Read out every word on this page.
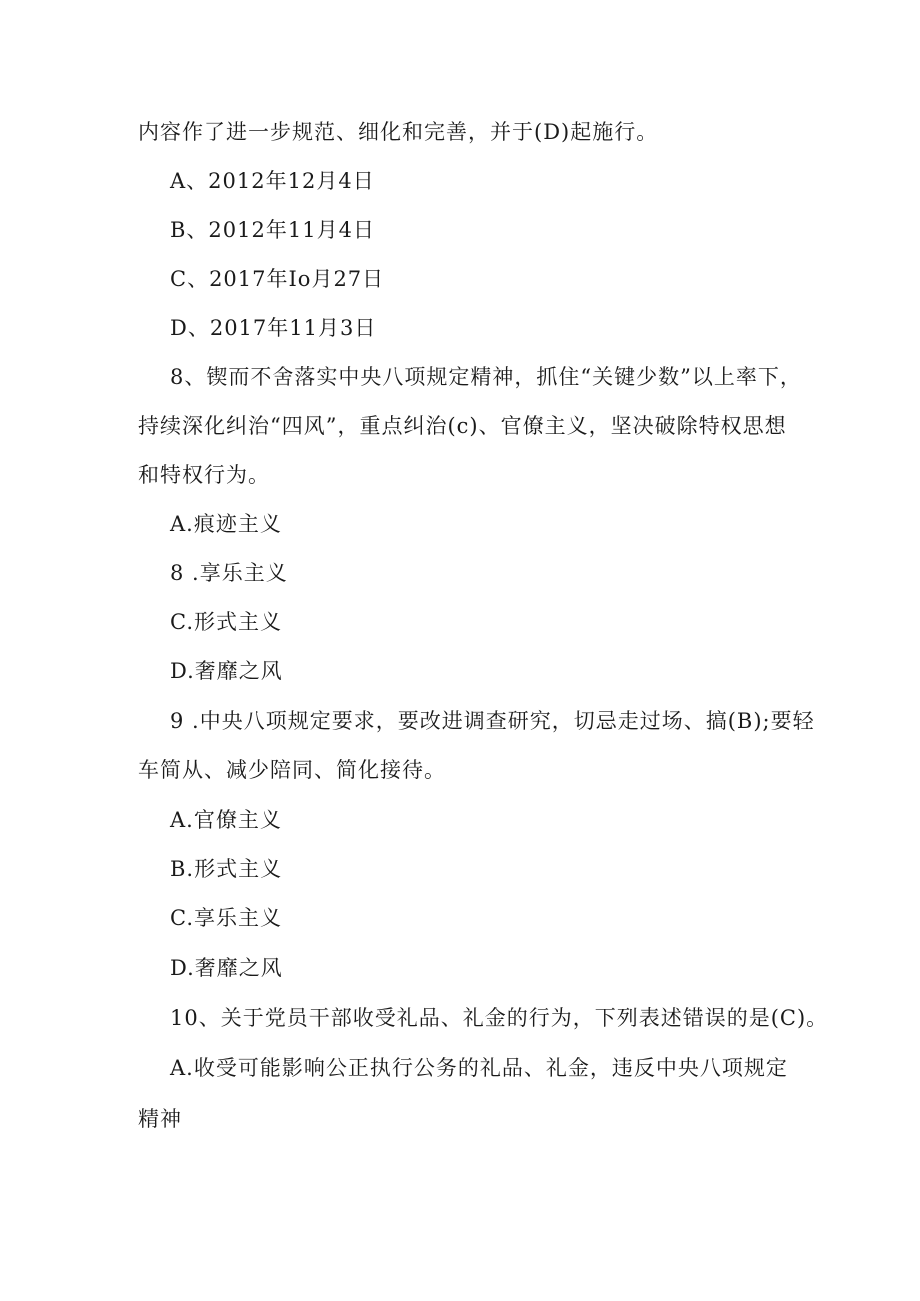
内容作了进一步规范、细化和完善，并于(D)起施行。
A、2012年12月4日
B、2012年11月4日
C、2017年Io月27日
D、2017年11月3日
8、锲而不舍落实中央八项规定精神，抓住“关键少数”以上率下，
持续深化纠治“四风”，重点纠治(c)、官僚主义，坚决破除特权思想
和特权行为。
A.痕迹主义
8 .享乐主义
C.形式主义
D.奢靡之风
9 .中央八项规定要求，要改进调查研究，切忌走过场、搞(B);要轻
车简从、减少陪同、简化接待。
A.官僚主义
B.形式主义
C.享乐主义
D.奢靡之风
10、关于党员干部收受礼品、礼金的行为，下列表述错误的是(C)。
A.收受可能影响公正执行公务的礼品、礼金，违反中央八项规定
精神
